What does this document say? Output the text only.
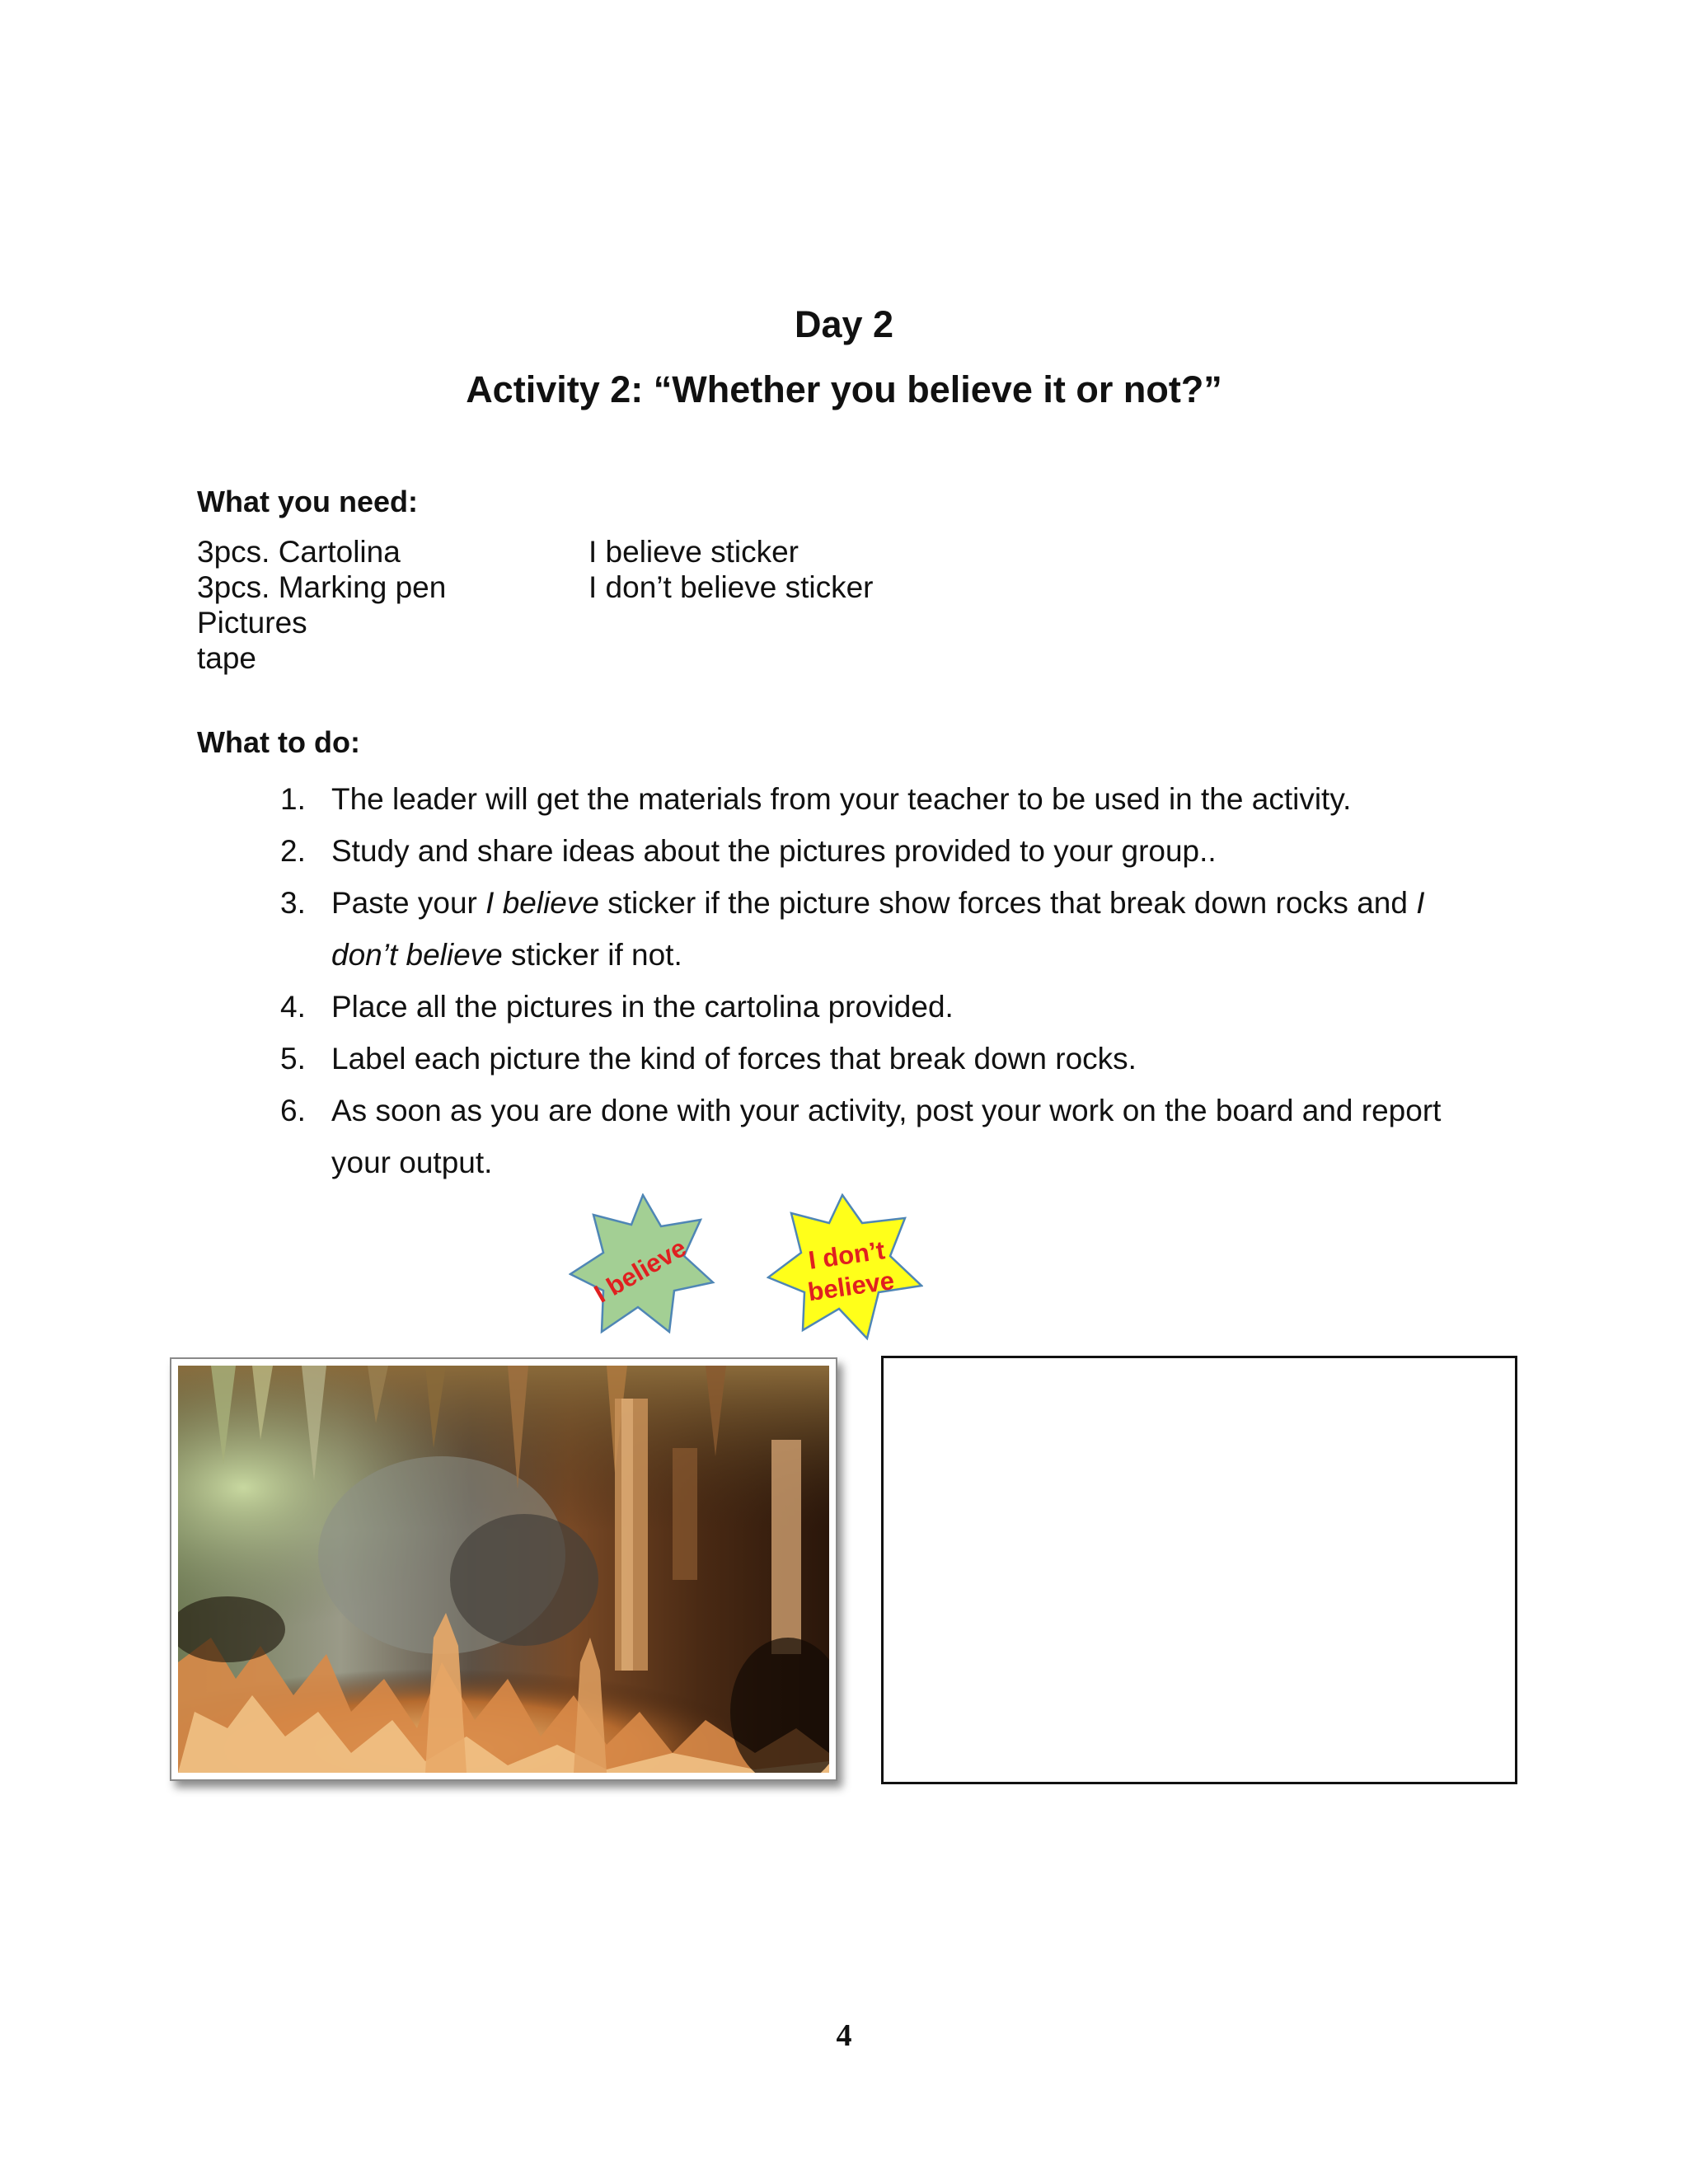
Day 2
Activity 2: “Whether you believe it or not?”
What you need:
3pcs. Cartolina
3pcs. Marking pen
Pictures
tape
I believe sticker
I don’t believe sticker
What to do:
1. The leader will get the materials from your teacher to be used in the activity.
2. Study and share ideas about the pictures provided to your group..
3. Paste your I believe sticker if the picture show forces that break down rocks and I don’t believe sticker if not.
4. Place all the pictures in the cartolina provided.
5. Label each picture the kind of forces that break down rocks.
6. As soon as you are done with your activity, post your work on the board and report your output.
I believe	I don’t
believe
4
